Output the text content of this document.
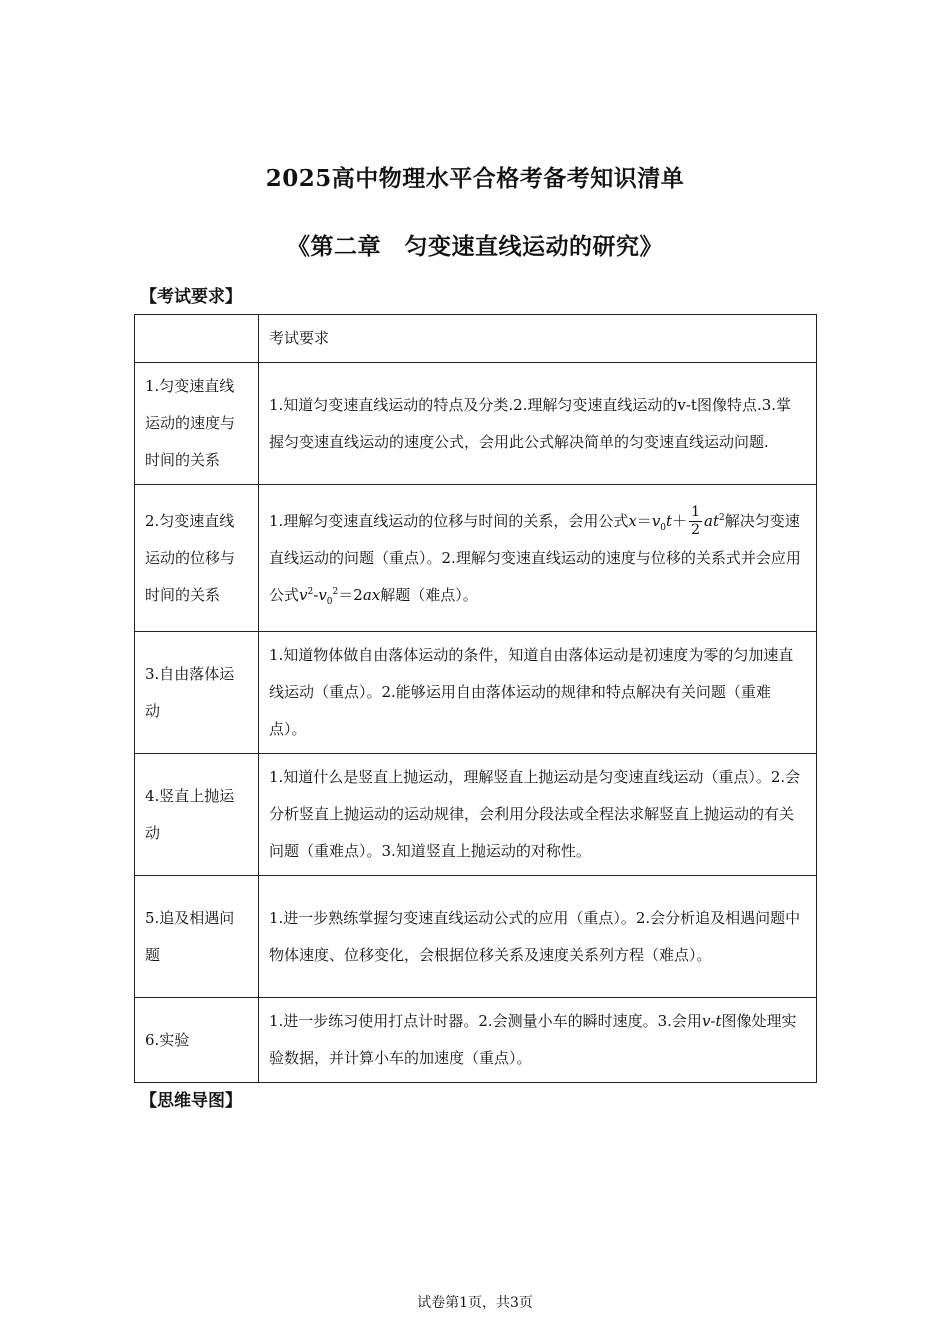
2025高中物理水平合格考备考知识清单
《第二章　匀变速直线运动的研究》
【考试要求】
	考试要求
1.匀变速直线运动的速度与时间的关系	1.知道匀变速直线运动的特点及分类.2.理解匀变速直线运动的v-t图像特点.3.掌握匀变速直线运动的速度公式，会用此公式解决简单的匀变速直线运动问题.
2.匀变速直线运动的位移与时间的关系	1.理解匀变速直线运动的位移与时间的关系，会用公式$x=v_0t+ \frac{1}{2} at^2$解决匀变速直线运动的问题（重点）。2.理解匀变速直线运动的速度与位移的关系式并会应用公式$v^2-v_0^2=2ax$解题（难点）。
3.自由落体运动	1.知道物体做自由落体运动的条件，知道自由落体运动是初速度为零的匀加速直线运动（重点）。2.能够运用自由落体运动的规律和特点解决有关问题（重难点）。
4.竖直上抛运动	1.知道什么是竖直上抛运动，理解竖直上抛运动是匀变速直线运动（重点）。2.会分析竖直上抛运动的运动规律，会利用分段法或全程法求解竖直上抛运动的有关问题（重难点）。3.知道竖直上抛运动的对称性。
5.追及相遇问题	1.进一步熟练掌握匀变速直线运动公式的应用（重点）。2.会分析追及相遇问题中物体速度、位移变化，会根据位移关系及速度关系列方程（难点）。
6.实验	1.进一步练习使用打点计时器。2.会测量小车的瞬时速度。3.会用v-t图像处理实验数据，并计算小车的加速度（重点）。
【思维导图】
试卷第1页，共3页
